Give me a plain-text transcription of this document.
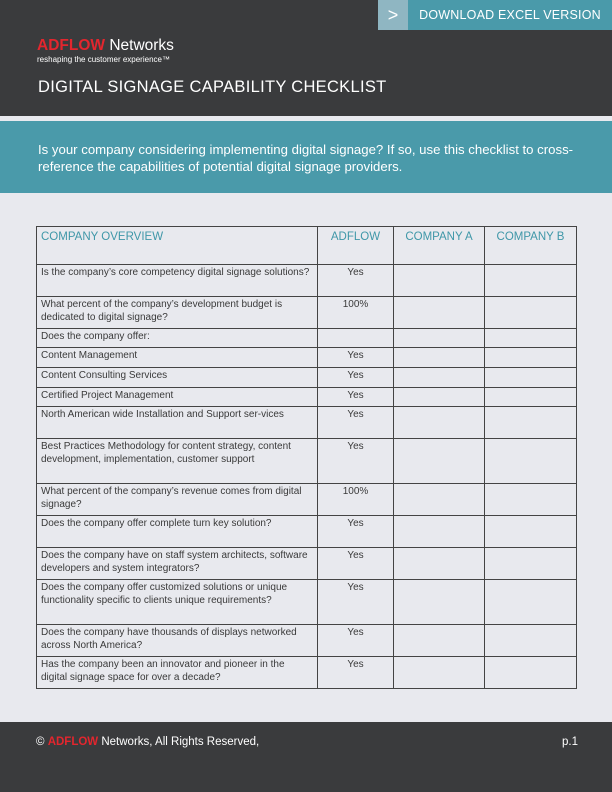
>	DOWNLOAD EXCEL VERSION
ADFLOW Networks
reshaping the customer experience™
DIGITAL SIGNAGE CAPABILITY CHECKLIST
Is your company considering implementing digital signage? If so, use this checklist to cross-reference the capabilities of potential digital signage providers.
COMPANY OVERVIEW	ADFLOW	COMPANY A	COMPANY B
Is the company’s core competency digital signage solutions?	Yes		
What percent of the company’s development budget is dedicated to digital signage?	100%		
Does the company offer:			
Content Management	Yes		
Content Consulting Services	Yes		
Certified Project Management	Yes		
North American wide Installation and Support ser-vices	Yes		
Best Practices Methodology for content strategy, content development, implementation, customer support	Yes		
What percent of the company’s revenue comes from digital signage?	100%		
Does the company offer complete turn key solution?	Yes		
Does the company have on staff system architects, software developers and system integrators?	Yes		
Does the company offer customized solutions or unique functionality specific to clients unique requirements?	Yes		
Does the company have thousands of displays networked across North America?	Yes		
Has the company been an innovator and pioneer in the digital signage space for over a decade?	Yes		
© ADFLOW Networks, All Rights Reserved,	p.1
